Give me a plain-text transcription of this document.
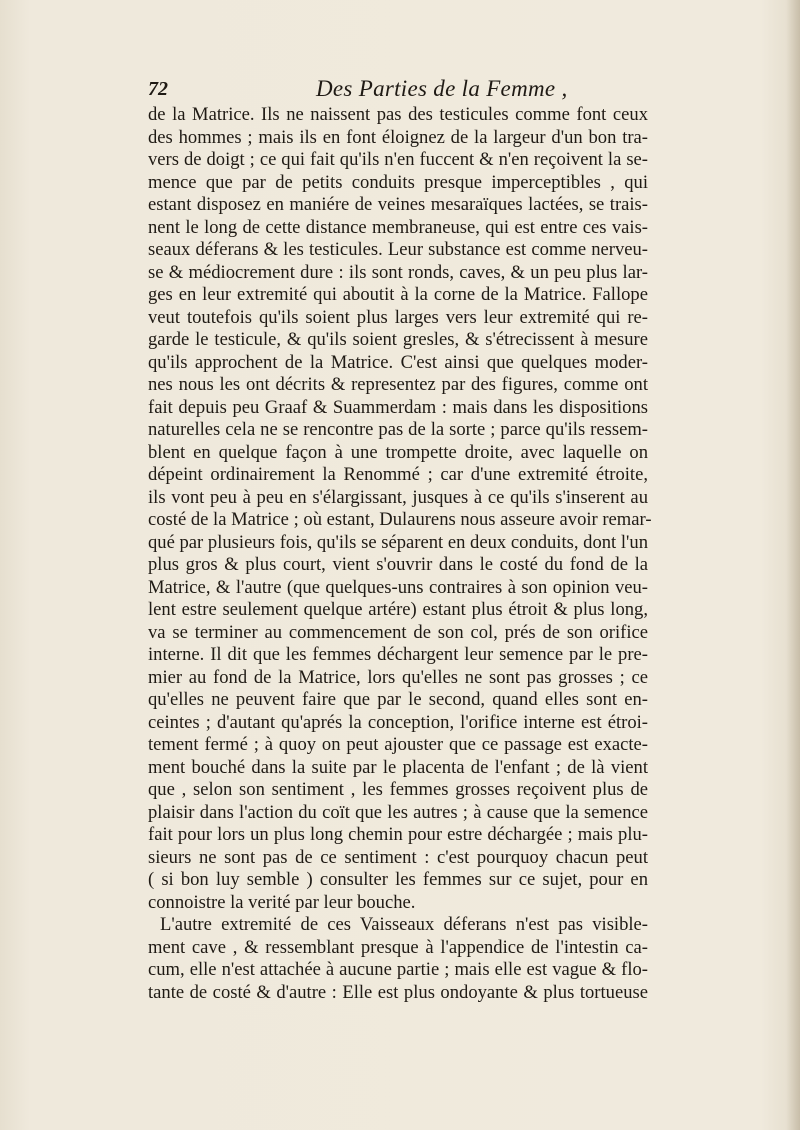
72	Des Parties de la Femme ,
de la Matrice. Ils ne naissent pas des testicules comme font ceux
des hommes ; mais ils en font éloignez de la largeur d'un bon tra-
vers de doigt ; ce qui fait qu'ils n'en fuccent & n'en reçoivent la se-
mence que par de petits conduits presque imperceptibles , qui
estant disposez en maniére de veines mesaraïques lactées, se trais-
nent le long de cette distance membraneuse, qui est entre ces vais-
seaux déferans & les testicules. Leur substance est comme nerveu-
se & médiocrement dure : ils sont ronds, caves, & un peu plus lar-
ges en leur extremité qui aboutit à la corne de la Matrice. Fallope
veut toutefois qu'ils soient plus larges vers leur extremité qui re-
garde le testicule, & qu'ils soient gresles, & s'étrecissent à mesure
qu'ils approchent de la Matrice. C'est ainsi que quelques moder-
nes nous les ont décrits & representez par des figures, comme ont
fait depuis peu Graaf & Suammerdam : mais dans les dispositions
naturelles cela ne se rencontre pas de la sorte ; parce qu'ils ressem-
blent en quelque façon à une trompette droite, avec laquelle on
dépeint ordinairement la Renommé ; car d'une extremité étroite,
ils vont peu à peu en s'élargissant, jusques à ce qu'ils s'inserent au
costé de la Matrice ; où estant, Dulaurens nous asseure avoir remar-
qué par plusieurs fois, qu'ils se séparent en deux conduits, dont l'un
plus gros & plus court, vient s'ouvrir dans le costé du fond de la
Matrice, & l'autre (que quelques-uns contraires à son opinion veu-
lent estre seulement quelque artére) estant plus étroit & plus long,
va se terminer au commencement de son col, prés de son orifice
interne. Il dit que les femmes déchargent leur semence par le pre-
mier au fond de la Matrice, lors qu'elles ne sont pas grosses ; ce
qu'elles ne peuvent faire que par le second, quand elles sont en-
ceintes ; d'autant qu'aprés la conception, l'orifice interne est étroi-
tement fermé ; à quoy on peut ajouster que ce passage est exacte-
ment bouché dans la suite par le placenta de l'enfant ; de là vient
que , selon son sentiment , les femmes grosses reçoivent plus de
plaisir dans l'action du coït que les autres ; à cause que la semence
fait pour lors un plus long chemin pour estre déchargée ; mais plu-
sieurs ne sont pas de ce sentiment : c'est pourquoy chacun peut
( si bon luy semble ) consulter les femmes sur ce sujet, pour en
connoistre la verité par leur bouche.
L'autre extremité de ces Vaisseaux déferans n'est pas visible-
ment cave , & ressemblant presque à l'appendice de l'intestin ca-
cum, elle n'est attachée à aucune partie ; mais elle est vague & flo-
tante de costé & d'autre : Elle est plus ondoyante & plus tortueuse
